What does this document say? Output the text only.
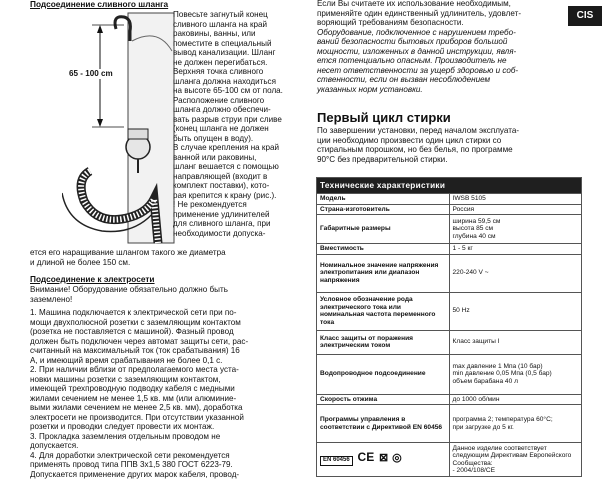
Подсоединение сливного шланга
65 - 100 cm
Повесьте загнутый конец
сливного шланга на край
раковины, ванны, или
поместите в специальный
вывод канализации. Шланг
не должен перегибаться.
Верхняя точка сливного
шланга должна находиться
на высоте 65-100 см от пола.
Расположение сливного
шланга должно обеспечи-
вать разрыв струи при сливе
(конец шланга не должен
быть опущен в воду).
В случае крепления на край
ванной или раковины,
шланг вешается с помощью
направляющей (входит в
комплект поставки), кото-
рая крепится к крану (рис.).
! Не рекомендуется
применение удлинителей
для сливного шланга, при
необходимости допуска-
ется его наращивание шлангом такого же диаметра
и длиной не более 150 см.
Подсоединение к электросети
Внимание! Оборудование обязательно должно быть
заземлено!
1. Машина подключается к электрической сети при по-
мощи двухполюсной розетки с заземляющим контактом
(розетка не поставляется с машиной). Фазный провод
должен быть подключен через автомат защиты сети, рас-
считанный на максимальный ток (ток срабатывания) 16
А, и имеющий время срабатывания не более 0,1 с.
2. При наличии вблизи от предполагаемого места уста-
новки машины розетки с заземляющим контактом,
имеющей трехпроводную подводку кабеля с медными
жилами сечением не менее 1,5 кв. мм (или алюминие-
выми жилами сечением не менее 2,5 кв. мм), доработка
электросети не производится. При отсутствии указанной
розетки и проводки следует провести их монтаж.
3. Прокладка заземления отдельным проводом не
допускается.
4. Для доработки электрической сети рекомендуется
применять провод типа ППВ 3х1,5 380 ГОСТ 6223-79.
Допускается применение других марок кабеля, провод-
Если Вы считаете их использование необходимым,
применяйте один единственный удлинитель, удовлет-
воряющий требованиям безопасности.
Оборудование, подключенное с нарушением требо-
ваний безопасности бытовых приборов большой
мощности, изложенных в данной инструкции, явля-
ется потенциально опасным. Производитель не
несет ответственности за ущерб здоровью и соб-
ственности, если он вызван несоблюдением
указанных норм установки.
CIS
Первый цикл стирки
По завершении установки, перед началом эксплуата-
ции необходимо произвести один цикл стирки со
стиральным порошком, но без белья, по программе
90°С без предварительной стирки.
Технические характеристики	
Модель	IWSB 5105
Страна-изготовитель	Россия
Габаритные размеры	ширина 59,5 см
высота 85 см
глубина 40 см
Вместимость	1 - 5 кг
Номинальное значение напряжения электропитания или диапазон напряжения	220-240 V ~
Условное обозначение рода электрического тока или номинальная частота переменного тока	50 Hz
Класс защиты от поражения электрическим током	Класс защиты I
Водопроводное подсоединение	max давление 1 Мпа (10 бар)
min давление 0,05 Мпа (0,5 бар)
объем барабана 40 л
Скорость отжима	до 1000 об/мин
Программы управления в соответствии с Директивой EN 60456	программа 2; температура 60°С;
при загрузке до 5 кг.
EN 60456 CE ⊠ ◎	Данное изделие соответствует следующим Директивам Европейского Сообщества:
- 2004/108/CE
